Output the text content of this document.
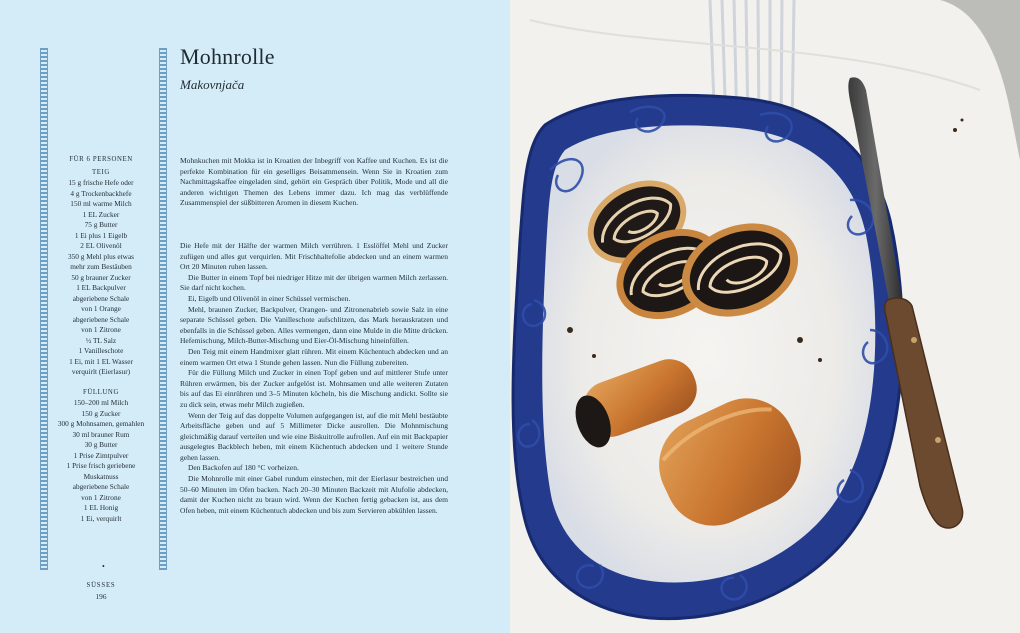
Mohnrolle
Makovnjača
FÜR 6 PERSONEN
TEIG
15 g frische Hefe oder
4 g Trockenbackhefe
150 ml warme Milch
1 EL Zucker
75 g Butter
1 Ei plus 1 Eigelb
2 EL Olivenöl
350 g Mehl plus etwas
mehr zum Bestäuben
50 g brauner Zucker
1 EL Backpulver
abgeriebene Schale
von 1 Orange
abgeriebene Schale
von 1 Zitrone
½ TL Salz
1 Vanilleschote
1 Ei, mit 1 EL Wasser
verquirlt (Eierlasur)
FÜLLUNG
150–200 ml Milch
150 g Zucker
300 g Mohnsamen, gemahlen
30 ml brauner Rum
30 g Butter
1 Prise Zimtpulver
1 Prise frisch geriebene
Muskatnuss
abgeriebene Schale
von 1 Zitrone
1 EL Honig
1 Ei, verquirlt

Mohnkuchen mit Mokka ist in Kroatien der Inbegriff von Kaffee und Kuchen. Es ist die perfekte Kombination für ein geselliges Beisammensein. Wenn Sie in Kroatien zum Nachmittagskaffee eingeladen sind, gehört ein Gespräch über Politik, Mode und all die anderen wichtigen Themen des Lebens immer dazu. Ich mag das verblüffende Zusammenspiel der süßbitteren Aromen in diesem Kuchen.

Die Hefe mit der Hälfte der warmen Milch verrühren. 1 Esslöffel Mehl und Zucker zufügen und alles gut verquirlen. Mit Frischhaltefolie abdecken und an einem warmen Ort 20 Minuten ruhen lassen.

Die Butter in einem Topf bei niedriger Hitze mit der übrigen warmen Milch zerlassen. Sie darf nicht kochen.

Ei, Eigelb und Olivenöl in einer Schüssel vermischen.

Mehl, braunen Zucker, Backpulver, Orangen- und Zitronenabrieb sowie Salz in eine separate Schüssel geben. Die Vanilleschote aufschlitzen, das Mark herauskratzen und ebenfalls in die Schüssel geben. Alles vermengen, dann eine Mulde in die Mitte drücken. Hefemischung, Milch-Butter-Mischung und Eier-Öl-Mischung hineinfüllen.

Den Teig mit einem Handmixer glatt rühren. Mit einem Küchentuch abdecken und an einem warmen Ort etwa 1 Stunde gehen lassen. Nun die Füllung zubereiten.

Für die Füllung Milch und Zucker in einen Topf geben und auf mittlerer Stufe unter Rühren erwärmen, bis der Zucker aufgelöst ist. Mohnsamen und alle weiteren Zutaten bis auf das Ei einrühren und 3–5 Minuten köcheln, bis die Mischung andickt. Sollte sie zu dick sein, etwas mehr Milch zugießen.

Wenn der Teig auf das doppelte Volumen aufgegangen ist, auf die mit Mehl bestäubte Arbeitsfläche geben und auf 5 Millimeter Dicke ausrollen. Die Mohnmischung gleichmäßig darauf verteilen und wie eine Biskuitrolle aufrollen. Auf ein mit Backpapier ausgelegtes Backblech heben, mit einem Küchentuch abdecken und 1 weitere Stunde gehen lassen.

Den Backofen auf 180 °C vorheizen.

Die Mohnrolle mit einer Gabel rundum einstechen, mit der Eierlasur bestreichen und 50–60 Minuten im Ofen backen. Nach 20–30 Minuten Backzeit mit Alufolie abdecken, damit der Kuchen nicht zu braun wird. Wenn der Kuchen fertig gebacken ist, aus dem Ofen heben, mit einem Küchentuch abdecken und bis zum Servieren abkühlen lassen.

•
SÜSSES
196
